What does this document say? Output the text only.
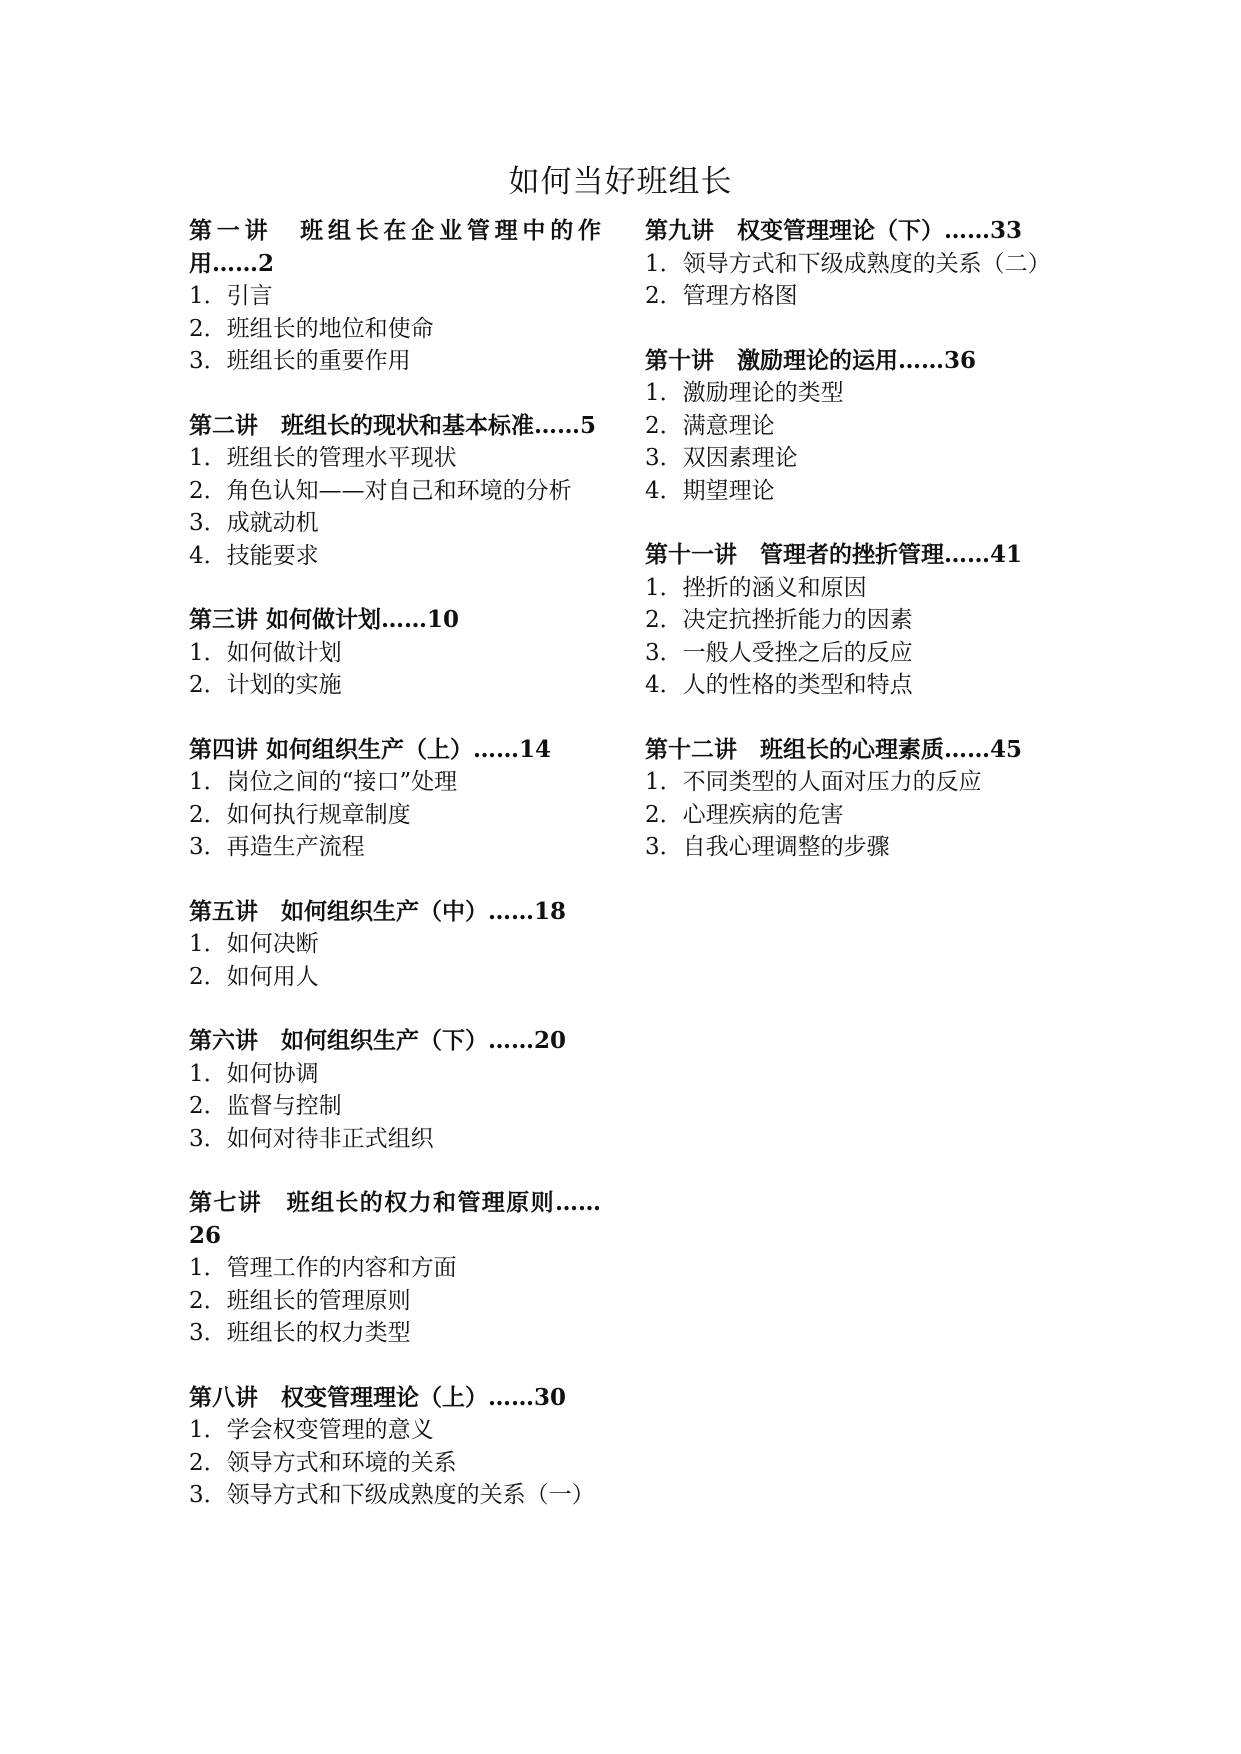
如何当好班组长
第一讲　班组长在企业管理中的作用……2
1．引言
2．班组长的地位和使命
3．班组长的重要作用
第二讲　班组长的现状和基本标准……5
1．班组长的管理水平现状
2．角色认知——对自己和环境的分析
3．成就动机
4．技能要求
第三讲 如何做计划……10
1．如何做计划
2．计划的实施
第四讲 如何组织生产（上）……14
1．岗位之间的“接口”处理
2．如何执行规章制度
3．再造生产流程
第五讲　如何组织生产（中）……18
1．如何决断
2．如何用人
第六讲　如何组织生产（下）……20
1．如何协调
2．监督与控制
3．如何对待非正式组织
第七讲　班组长的权力和管理原则……26
1．管理工作的内容和方面
2．班组长的管理原则
3．班组长的权力类型
第八讲　权变管理理论（上）……30
1．学会权变管理的意义
2．领导方式和环境的关系
3．领导方式和下级成熟度的关系（一）
第九讲　权变管理理论（下）……33
1．领导方式和下级成熟度的关系（二）
2．管理方格图
第十讲　激励理论的运用……36
1．激励理论的类型
2．满意理论
3．双因素理论
4．期望理论
第十一讲　管理者的挫折管理……41
1．挫折的涵义和原因
2．决定抗挫折能力的因素
3．一般人受挫之后的反应
4．人的性格的类型和特点
第十二讲　班组长的心理素质……45
1．不同类型的人面对压力的反应
2．心理疾病的危害
3．自我心理调整的步骤
